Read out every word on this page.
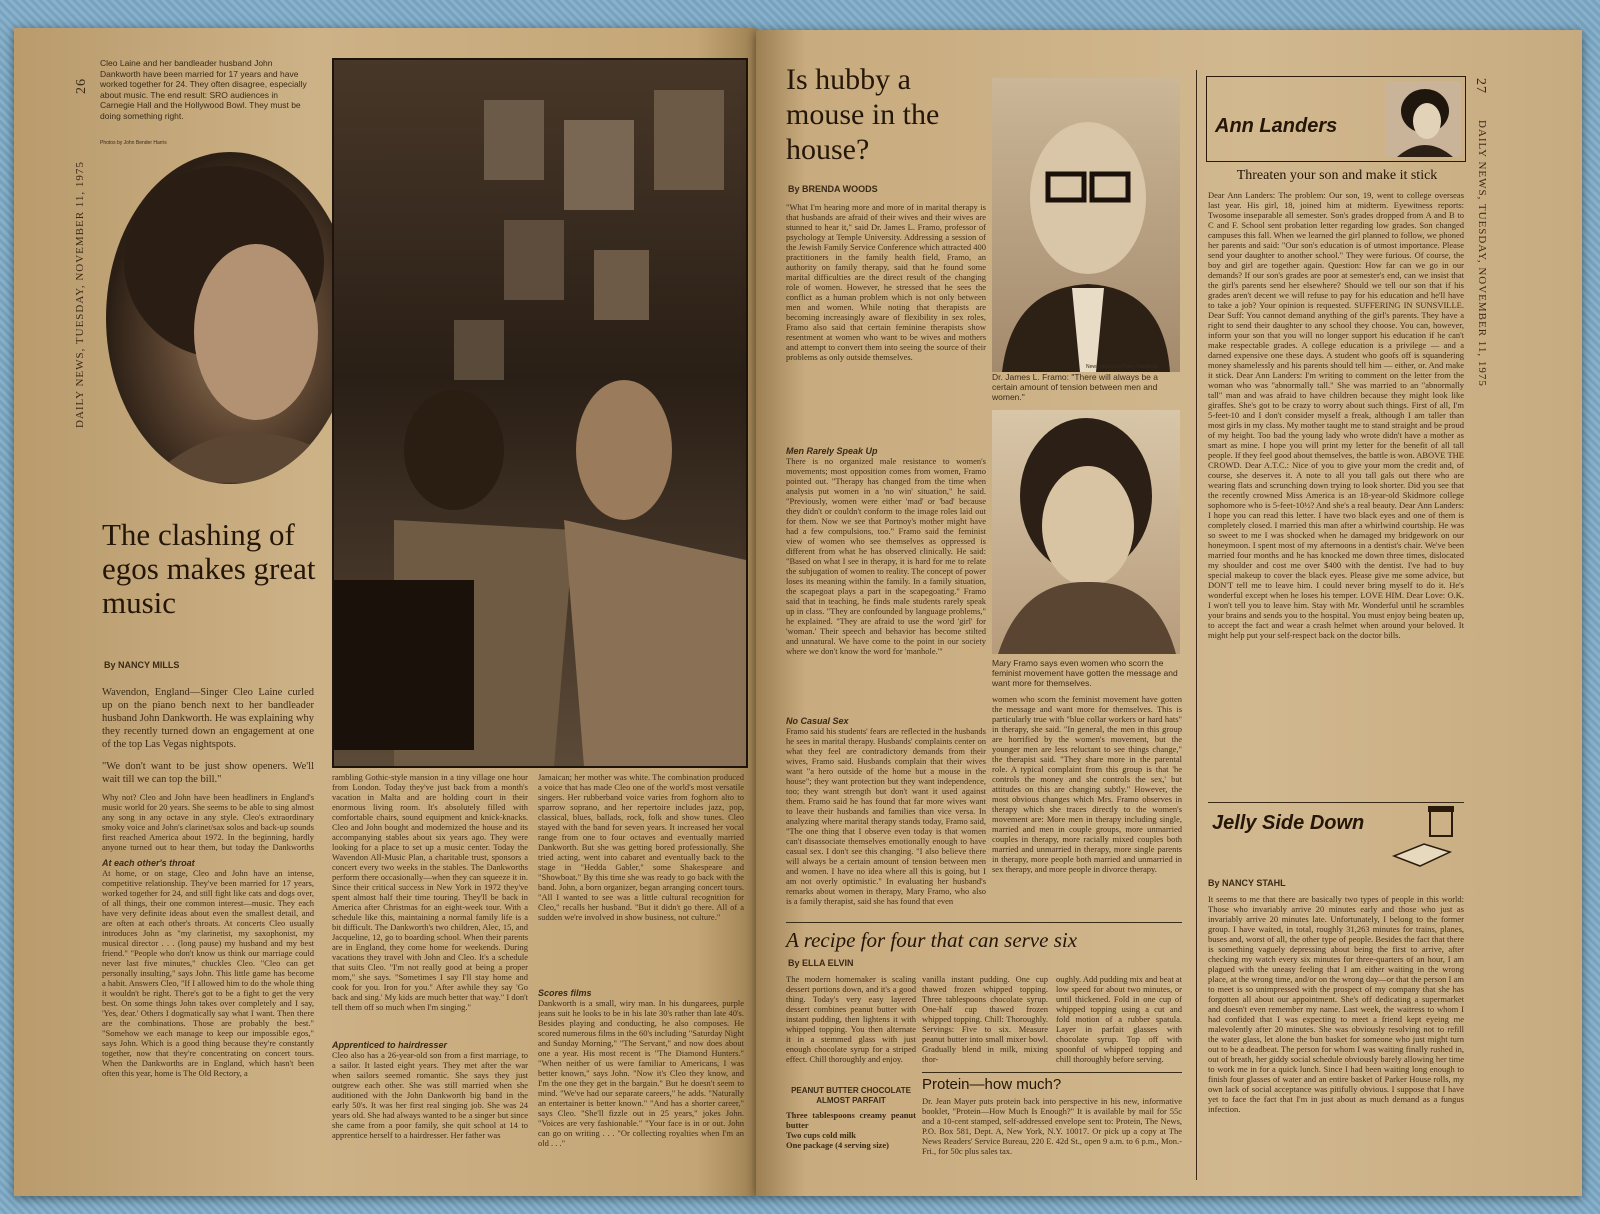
DAILY NEWS, TUESDAY, NOVEMBER 11, 1975
26
Cleo Laine and her bandleader husband John Dankworth have been married for 17 years and have worked together for 24. They often disagree, especially about music. The end result: SRO audiences in Carnegie Hall and the Hollywood Bowl. They must be doing something right.
Photos by John Bender Harris
The clashing of egos makes great music
By NANCY MILLS
Wavendon, England—Singer Cleo Laine curled up on the piano bench next to her bandleader husband John Dankworth. He was explaining why they recently turned down an engagement at one of the top Las Vegas nightspots.
"We don't want to be just show openers. We'll wait till we can top the bill."
Why not? Cleo and John have been headliners in England's music world for 20 years. She seems to be able to sing almost any song in any octave in any style. Cleo's extraordinary smoky voice and John's clarinet/sax solos and back-up sounds first reached America about 1972. In the beginning, hardly anyone turned out to hear them, but today the Dankworths
At each other's throat
At home, or on stage, Cleo and John have an intense, competitive relationship. They've been married for 17 years, worked together for 24, and still fight like cats and dogs over, of all things, their one common interest—music. They each have very definite ideas about even the smallest detail, and are often at each other's throats. At concerts Cleo usually introduces John as "my clarinetist, my saxophonist, my musical director . . . (long pause) my husband and my best friend." "People who don't know us think our marriage could never last five minutes," chuckles Cleo. "Cleo can get personally insulting," says John. This little game has become a habit. Answers Cleo, "If I allowed him to do the whole thing it wouldn't be right. There's got to be a fight to get the very best. On some things John takes over completely and I say, 'Yes, dear.' Others I dogmatically say what I want. Then there are the combinations. Those are probably the best." "Somehow we each manage to keep our impossible egos," says John. Which is a good thing because they're constantly together, now that they're concentrating on concert tours. When the Dankworths are in England, which hasn't been often this year, home is The Old Rectory, a
rambling Gothic-style mansion in a tiny village one hour from London. Today they've just back from a month's vacation in Malta and are holding court in their enormous living room. It's absolutely filled with comfortable chairs, sound equipment and knick-knacks. Cleo and John bought and modernized the house and its accompanying stables about six years ago. They were looking for a place to set up a music center. Today the Wavendon All-Music Plan, a charitable trust, sponsors a concert every two weeks in the stables. The Dankworths perform there occasionally—when they can squeeze it in. Since their critical success in New York in 1972 they've spent almost half their time touring. They'll be back in America after Christmas for an eight-week tour. With a schedule like this, maintaining a normal family life is a bit difficult. The Dankworth's two children, Alec, 15, and Jacqueline, 12, go to boarding school. When their parents are in England, they come home for weekends. During vacations they travel with John and Cleo. It's a schedule that suits Cleo. "I'm not really good at being a proper mom," she says. "Sometimes I say I'll stay home and cook for you. Iron for you." After awhile they say 'Go back and sing.' My kids are much better that way." I don't tell them off so much when I'm singing."
Apprenticed to hairdresser
Cleo also has a 26-year-old son from a first marriage, to a sailor. It lasted eight years. They met after the war when sailors seemed romantic. She says they just outgrew each other. She was still married when she auditioned with the John Dankworth big band in the early 50's. It was her first real singing job. She was 24 years old. She had always wanted to be a singer but since she came from a poor family, she quit school at 14 to apprentice herself to a hairdresser. Her father was
Jamaican; her mother was white. The combination produced a voice that has made Cleo one of the world's most versatile singers. Her rubberband voice varies from foghorn alto to sparrow soprano, and her repertoire includes jazz, pop, classical, blues, ballads, rock, folk and show tunes. Cleo stayed with the band for seven years. It increased her vocal range from one to four octaves and eventually married Dankworth. But she was getting bored professionally. She tried acting, went into cabaret and eventually back to the stage in "Hedda Gabler," some Shakespeare and "Showboat." By this time she was ready to go back with the band. John, a born organizer, began arranging concert tours. "All I wanted to see was a little cultural recognition for Cleo," recalls her husband. "But it didn't go there. All of a sudden we're involved in show business, not culture."
Scores films
Dankworth is a small, wiry man. In his dungarees, purple jeans suit he looks to be in his late 30's rather than late 40's. Besides playing and conducting, he also composes. He scored numerous films in the 60's including "Saturday Night and Sunday Morning," "The Servant," and now does about one a year. His most recent is "The Diamond Hunters." "When neither of us were familiar to Americans, I was better known," says John. "Now it's Cleo they know, and I'm the one they get in the bargain." But he doesn't seem to mind. "We've had our separate careers," he adds. "Naturally an entertainer is better known." "And has a shorter career," says Cleo. "She'll fizzle out in 25 years," jokes John. "Voices are very fashionable." "Your face is in or out. John can go on writing . . . "Or collecting royalties when I'm an old . . ."
Is hubby a mouse in the house?
By BRENDA WOODS
"What I'm hearing more and more of in marital therapy is that husbands are afraid of their wives and their wives are stunned to hear it," said Dr. James L. Framo, professor of psychology at Temple University. Addressing a session of the Jewish Family Service Conference which attracted 400 practitioners in the family health field, Framo, an authority on family therapy, said that he found some marital difficulties are the direct result of the changing role of women. However, he stressed that he sees the conflict as a human problem which is not only between men and women. While noting that therapists are becoming increasingly aware of flexibility in sex roles, Framo also said that certain feminine therapists show resentment at women who want to be wives and mothers and attempt to convert them into seeing the source of their problems as only outside themselves.
Men Rarely Speak Up
There is no organized male resistance to women's movements; most opposition comes from women, Framo pointed out. "Therapy has changed from the time when analysis put women in a 'no win' situation," he said. "Previously, women were either 'mad' or 'bad' because they didn't or couldn't conform to the image roles laid out for them. Now we see that Portnoy's mother might have had a few compulsions, too." Framo said the feminist view of women who see themselves as oppressed is different from what he has observed clinically. He said: "Based on what I see in therapy, it is hard for me to relate the subjugation of women to reality. The concept of power loses its meaning within the family. In a family situation, the scapegoat plays a part in the scapegoating." Framo said that in teaching, he finds male students rarely speak up in class. "They are confounded by language problems," he explained. "They are afraid to use the word 'girl' for 'woman.' Their speech and behavior has become stilted and unnatural. We have come to the point in our society where we don't know the word for 'manhole.'"
No Casual Sex
Framo said his students' fears are reflected in the husbands he sees in marital therapy. Husbands' complaints center on what they feel are contradictory demands from their wives, Framo said. Husbands complain that their wives want "a hero outside of the home but a mouse in the house"; they want protection but they want independence, too; they want strength but don't want it used against them. Framo said he has found that far more wives want to leave their husbands and families than vice versa. In analyzing where marital therapy stands today, Framo said, "The one thing that I observe even today is that women can't disassociate themselves emotionally enough to have casual sex. I don't see this changing. "I also believe there will always be a certain amount of tension between men and women. I have no idea where all this is going, but I am not overly optimistic." In evaluating her husband's remarks about women in therapy, Mary Framo, who also is a family therapist, said she has found that even
News photos by Harry Hamburg
Dr. James L. Framo: "There will always be a certain amount of tension between men and women."
Mary Framo says even women who scorn the feminist movement have gotten the message and want more for themselves.
women who scorn the feminist movement have gotten the message and want more for themselves. This is particularly true with "blue collar workers or hard hats" in therapy, she said. "In general, the men in this group are horrified by the women's movement, but the younger men are less reluctant to see things change," the therapist said. "They share more in the parental role. A typical complaint from this group is that 'he controls the money and she controls the sex,' but attitudes on this are changing subtly." However, the most obvious changes which Mrs. Framo observes in therapy which she traces directly to the women's movement are: More men in therapy including single, married and men in couple groups, more unmarried couples in therapy, more racially mixed couples both married and unmarried in therapy, more single parents in therapy, more people both married and unmarried in sex therapy, and more people in divorce therapy.
A recipe for four that can serve six
By ELLA ELVIN
The modern homemaker is scaling dessert portions down, and it's a good thing. Today's very easy layered dessert combines peanut butter with instant pudding, then lightens it with whipped topping. You then alternate it in a stemmed glass with just enough chocolate syrup for a striped effect. Chill thoroughly and enjoy.
PEANUT BUTTER CHOCOLATE ALMOST PARFAIT
Three tablespoons creamy peanut butter
Two cups cold milk
One package (4 serving size)
vanilla instant pudding. One cup thawed frozen whipped topping. Three tablespoons chocolate syrup. One-half cup thawed frozen whipped topping. Chill: Thoroughly. Servings: Five to six. Measure peanut butter into small mixer bowl. Gradually blend in milk, mixing thor-
oughly. Add pudding mix and beat at low speed for about two minutes, or until thickened. Fold in one cup of whipped topping using a cut and fold motion of a rubber spatula. Layer in parfait glasses with chocolate syrup. Top off with spoonful of whipped topping and chill thoroughly before serving.
Protein—how much?
Dr. Jean Mayer puts protein back into perspective in his new, informative booklet, "Protein—How Much Is Enough?" It is available by mail for 55c and a 10-cent stamped, self-addressed envelope sent to: Protein, The News, P.O. Box 581, Dept. A, New York, N.Y. 10017. Or pick up a copy at The News Readers' Service Bureau, 220 E. 42d St., open 9 a.m. to 6 p.m., Mon.-Fri., for 50c plus sales tax.
Ann Landers
Threaten your son and make it stick
Dear Ann Landers: The problem: Our son, 19, went to college overseas last year. His girl, 18, joined him at midterm. Eyewitness reports: Twosome inseparable all semester. Son's grades dropped from A and B to C and F. School sent probation letter regarding low grades. Son changed campuses this fall. When we learned the girl planned to follow, we phoned her parents and said: "Our son's education is of utmost importance. Please send your daughter to another school." They were furious. Of course, the boy and girl are together again. Question: How far can we go in our demands? If our son's grades are poor at semester's end, can we insist that the girl's parents send her elsewhere? Should we tell our son that if his grades aren't decent we will refuse to pay for his education and he'll have to take a job? Your opinion is requested. SUFFERING IN SUNSVILLE. Dear Suff: You cannot demand anything of the girl's parents. They have a right to send their daughter to any school they choose. You can, however, inform your son that you will no longer support his education if he can't make respectable grades. A college education is a privilege — and a darned expensive one these days. A student who goofs off is squandering money shamelessly and his parents should tell him — either, or. And make it stick. Dear Ann Landers: I'm writing to comment on the letter from the woman who was "abnormally tall." She was married to an "abnormally tall" man and was afraid to have children because they might look like giraffes. She's got to be crazy to worry about such things. First of all, I'm 5-feet-10 and I don't consider myself a freak, although I am taller than most girls in my class. My mother taught me to stand straight and be proud of my height. Too bad the young lady who wrote didn't have a mother as smart as mine. I hope you will print my letter for the benefit of all tall people. If they feel good about themselves, the battle is won. ABOVE THE CROWD. Dear A.T.C.: Nice of you to give your mom the credit and, of course, she deserves it. A note to all you tall gals out there who are wearing flats and scrunching down trying to look shorter. Did you see that the recently crowned Miss America is an 18-year-old Skidmore college sophomore who is 5-feet-10½? And she's a real beauty. Dear Ann Landers: I hope you can read this letter. I have two black eyes and one of them is completely closed. I married this man after a whirlwind courtship. He was so sweet to me I was shocked when he damaged my bridgework on our honeymoon. I spent most of my afternoons in a dentist's chair. We've been married four months and he has knocked me down three times, dislocated my shoulder and cost me over $400 with the dentist. I've had to buy special makeup to cover the black eyes. Please give me some advice, but DON'T tell me to leave him. I could never bring myself to do it. He's wonderful except when he loses his temper. LOVE HIM. Dear Love: O.K. I won't tell you to leave him. Stay with Mr. Wonderful until he scrambles your brains and sends you to the hospital. You must enjoy being beaten up, to accept the fact and wear a crash helmet when around your beloved. It might help put your self-respect back on the doctor bills.
Jelly Side Down
By NANCY STAHL
It seems to me that there are basically two types of people in this world: Those who invariably arrive 20 minutes early and those who just as invariably arrive 20 minutes late. Unfortunately, I belong to the former group. I have waited, in total, roughly 31,263 minutes for trains, planes, buses and, worst of all, the other type of people. Besides the fact that there is something vaguely depressing about being the first to arrive, after checking my watch every six minutes for three-quarters of an hour, I am plagued with the uneasy feeling that I am either waiting in the wrong place, at the wrong time, and/or on the wrong day—or that the person I am to meet is so unimpressed with the prospect of my company that she has forgotten all about our appointment. She's off dedicating a supermarket and doesn't even remember my name. Last week, the waitress to whom I had confided that I was expecting to meet a friend kept eyeing me malevolently after 20 minutes. She was obviously resolving not to refill the water glass, let alone the bun basket for someone who just might turn out to be a deadbeat. The person for whom I was waiting finally rushed in, out of breath, her giddy social schedule obviously barely allowing her time to work me in for a quick lunch. Since I had been waiting long enough to finish four glasses of water and an entire basket of Parker House rolls, my own lack of social acceptance was pitifully obvious. I suppose that I have yet to face the fact that I'm in just about as much demand as a fungus infection.
27
DAILY NEWS, TUESDAY, NOVEMBER 11, 1975
